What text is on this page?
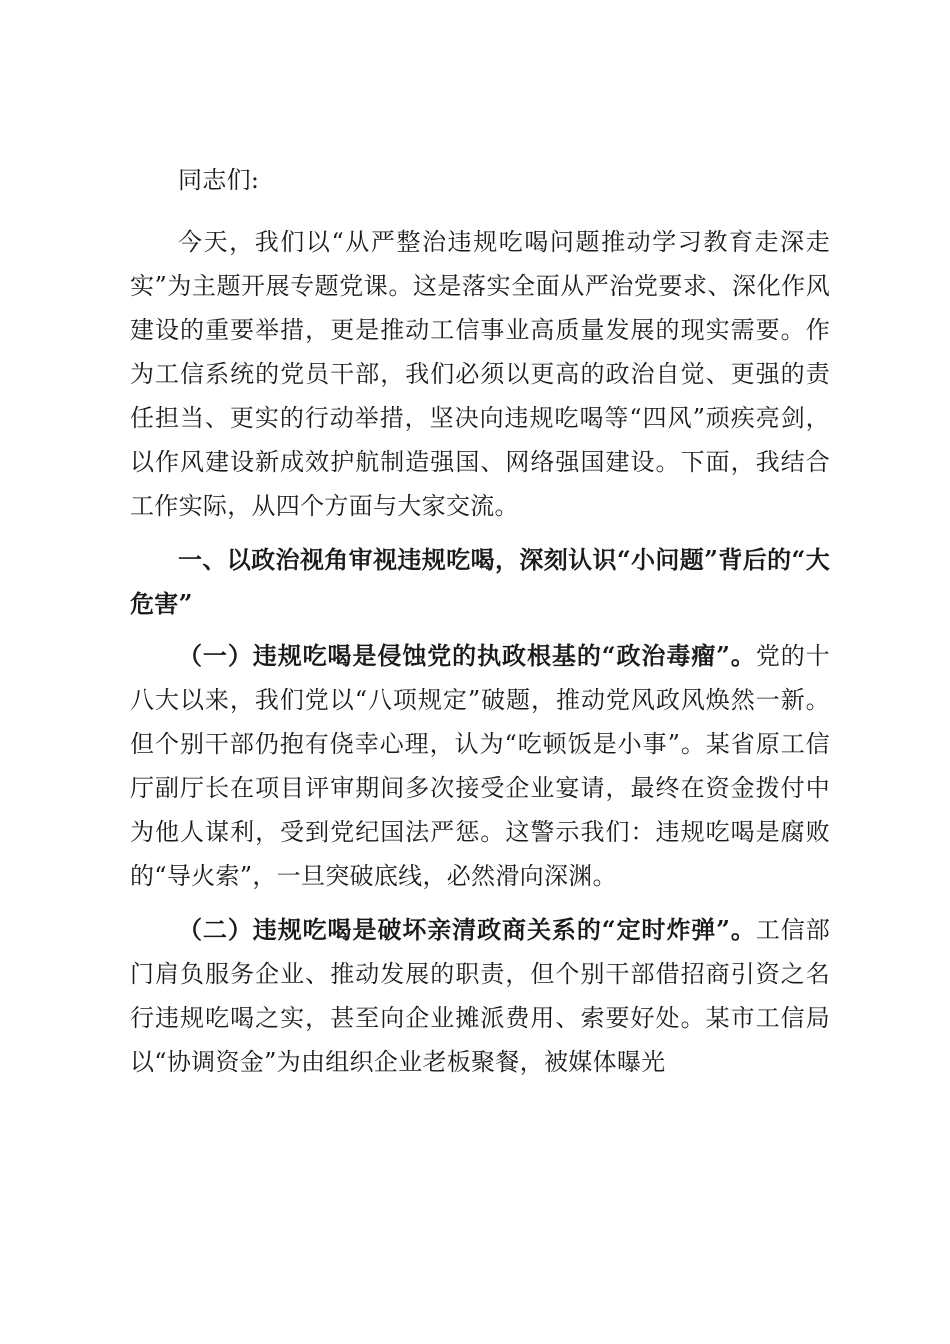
同志们:

今天，我们以“从严整治违规吃喝问题推动学习教育走深走实”为主题开展专题党课。这是落实全面从严治党要求、深化作风建设的重要举措，更是推动工信事业高质量发展的现实需要。作为工信系统的党员干部，我们必须以更高的政治自觉、更强的责任担当、更实的行动举措，坚决向违规吃喝等“四风”顽疾亮剑，以作风建设新成效护航制造强国、网络强国建设。下面，我结合工作实际，从四个方面与大家交流。

一、以政治视角审视违规吃喝，深刻认识“小问题”背后的“大危害”

（一）违规吃喝是侵蚀党的执政根基的“政治毒瘤”。党的十八大以来，我们党以“八项规定”破题，推动党风政风焕然一新。但个别干部仍抱有侥幸心理，认为“吃顿饭是小事”。某省原工信厅副厅长在项目评审期间多次接受企业宴请，最终在资金拨付中为他人谋利，受到党纪国法严惩。这警示我们：违规吃喝是腐败的“导火索”，一旦突破底线，必然滑向深渊。

（二）违规吃喝是破坏亲清政商关系的“定时炸弹”。工信部门肩负服务企业、推动发展的职责，但个别干部借招商引资之名行违规吃喝之实，甚至向企业摊派费用、索要好处。某市工信局以“协调资金”为由组织企业老板聚餐，被媒体曝光
